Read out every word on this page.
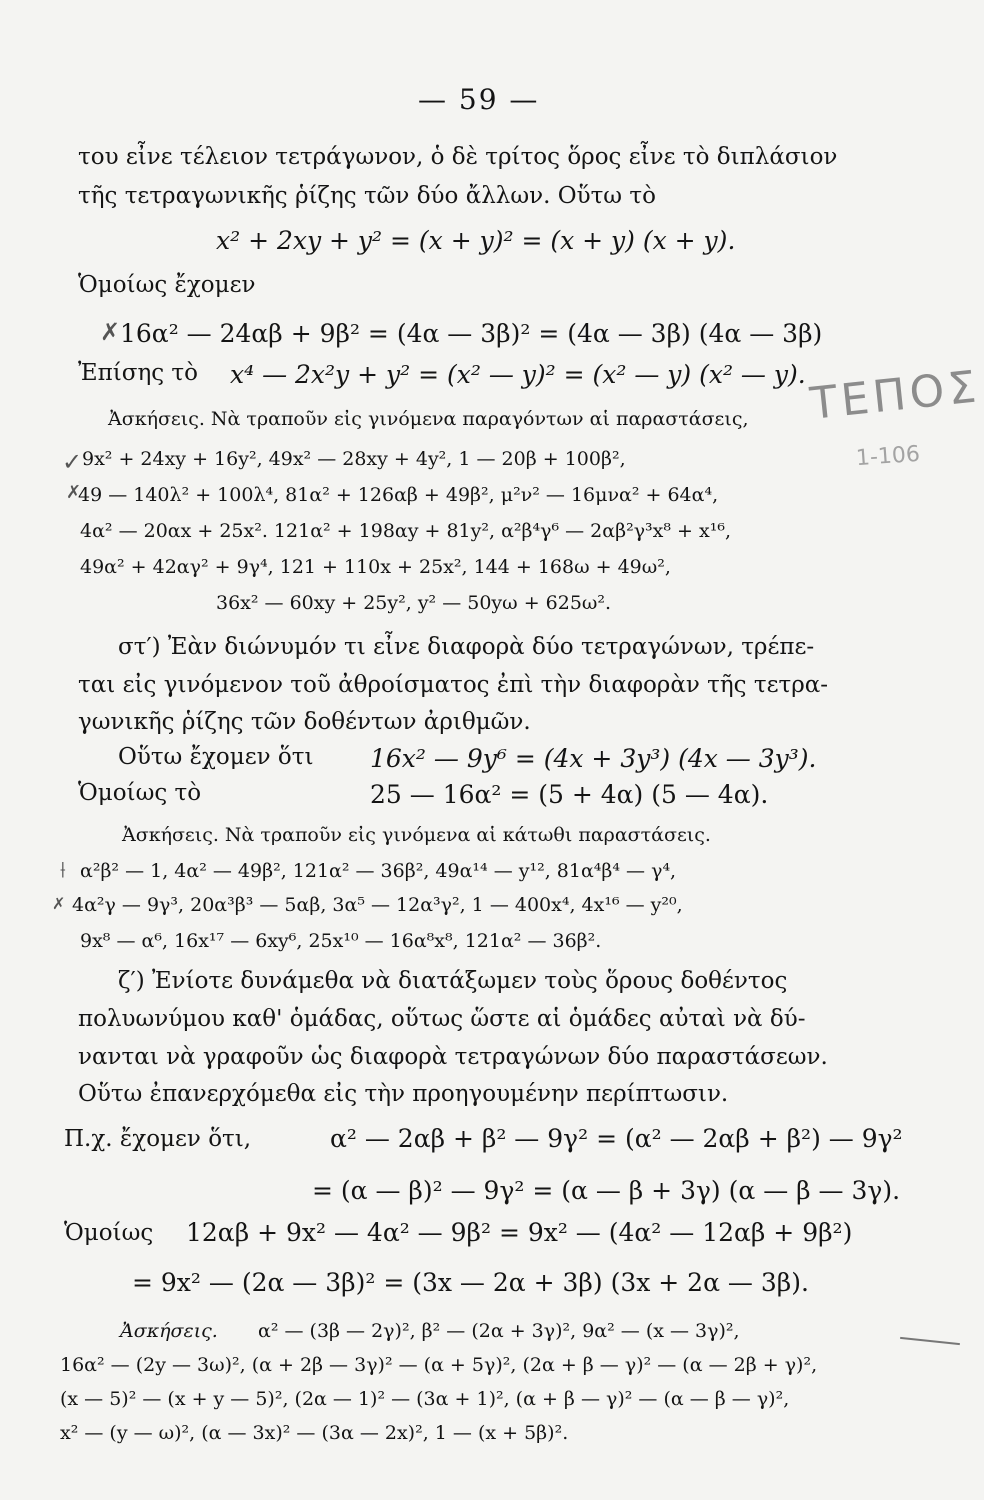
— 59 —
του εἶνε τέλειον τετράγωνον, ὁ δὲ τρίτος ὅρος εἶνε τὸ διπλάσιον
τῆς τετραγωνικῆς ῥίζης τῶν δύο ἄλλων. Οὕτω τὸ
x² + 2xy + y² = (x + y)² = (x + y) (x + y).
Ὁμοίως ἔχομεν
16α² — 24αβ + 9β² = (4α — 3β)² = (4α — 3β) (4α — 3β)
Ἐπίσης τὸ x⁴ — 2x²y + y² = (x² — y)² = (x² — y) (x² — y).
Ἀσκήσεις. Νὰ τραποῦν εἰς γινόμενα παραγόντων αἱ παραστάσεις,
9x² + 24xy + 16y², 49x² — 28xy + 4y², 1 — 20β + 100β²,
49 — 140λ² + 100λ⁴, 81α² + 126αβ + 49β², μ²ν² — 16μνα² + 64α⁴,
4α² — 20αx + 25x². 121α² + 198αy + 81y², α²β⁴γ⁶ — 2αβ²γ³x⁸ + x¹⁶,
49α² + 42αγ² + 9γ⁴, 121 + 110x + 25x², 144 + 168ω + 49ω²,
36x² — 60xy + 25y², y² — 50yω + 625ω².
στ′) Ἐὰν διώνυμόν τι εἶνε διαφορὰ δύο τετραγώνων, τρέπε-
ται εἰς γινόμενον τοῦ ἀθροίσματος ἐπὶ τὴν διαφορὰν τῆς τετρα-
γωνικῆς ῥίζης τῶν δοθέντων ἀριθμῶν.
Οὕτω ἔχομεν ὅτι 16x² — 9y⁶ = (4x + 3y³) (4x — 3y³).
Ὁμοίως τὸ	25 — 16α² = (5 + 4α) (5 — 4α).
Ἀσκήσεις. Νὰ τραποῦν εἰς γινόμενα αἱ κάτωθι παραστάσεις.
α²β² — 1, 4α² — 49β², 121α² — 36β², 49α¹⁴ — y¹², 81α⁴β⁴ — γ⁴,
4α²γ — 9γ³, 20α³β³ — 5αβ, 3α⁵ — 12α³γ², 1 — 400x⁴, 4x¹⁶ — y²⁰,
9x⁸ — α⁶, 16x¹⁷ — 6xy⁶, 25x¹⁰ — 16α⁸x⁸, 121α² — 36β².
ζ′) Ἐνίοτε δυνάμεθα νὰ διατάξωμεν τοὺς ὅρους δοθέντος
πολυωνύμου καθ' ὁμάδας, οὕτως ὥστε αἱ ὁμάδες αὐταὶ νὰ δύ-
νανται νὰ γραφοῦν ὡς διαφορὰ τετραγώνων δύο παραστάσεων.
Οὕτω ἐπανερχόμεθα εἰς τὴν προηγουμένην περίπτωσιν.
Π.χ. ἔχομεν ὅτι,	α² — 2αβ + β² — 9γ² = (α² — 2αβ + β²) — 9γ²
= (α — β)² — 9γ² = (α — β + 3γ) (α — β — 3γ).
Ὁμοίως 12αβ + 9x² — 4α² — 9β² = 9x² — (4α² — 12αβ + 9β²)
= 9x² — (2α — 3β)² = (3x — 2α + 3β) (3x + 2α — 3β).
Ἀσκήσεις. α² — (3β — 2γ)², β² — (2α + 3γ)², 9α² — (x — 3γ)²,
16α² — (2y — 3ω)², (α + 2β — 3γ)² — (α + 5γ)², (2α + β — γ)² — (α — 2β + γ)²,
(x — 5)² — (x + y — 5)², (2α — 1)² — (3α + 1)², (α + β — γ)² — (α — β — γ)²,
x² — (y — ω)², (α — 3x)² — (3α — 2x)², 1 — (x + 5β)².
ΤΕΠΟΣ
1-106
✗
✓
✗
⟊
✗
